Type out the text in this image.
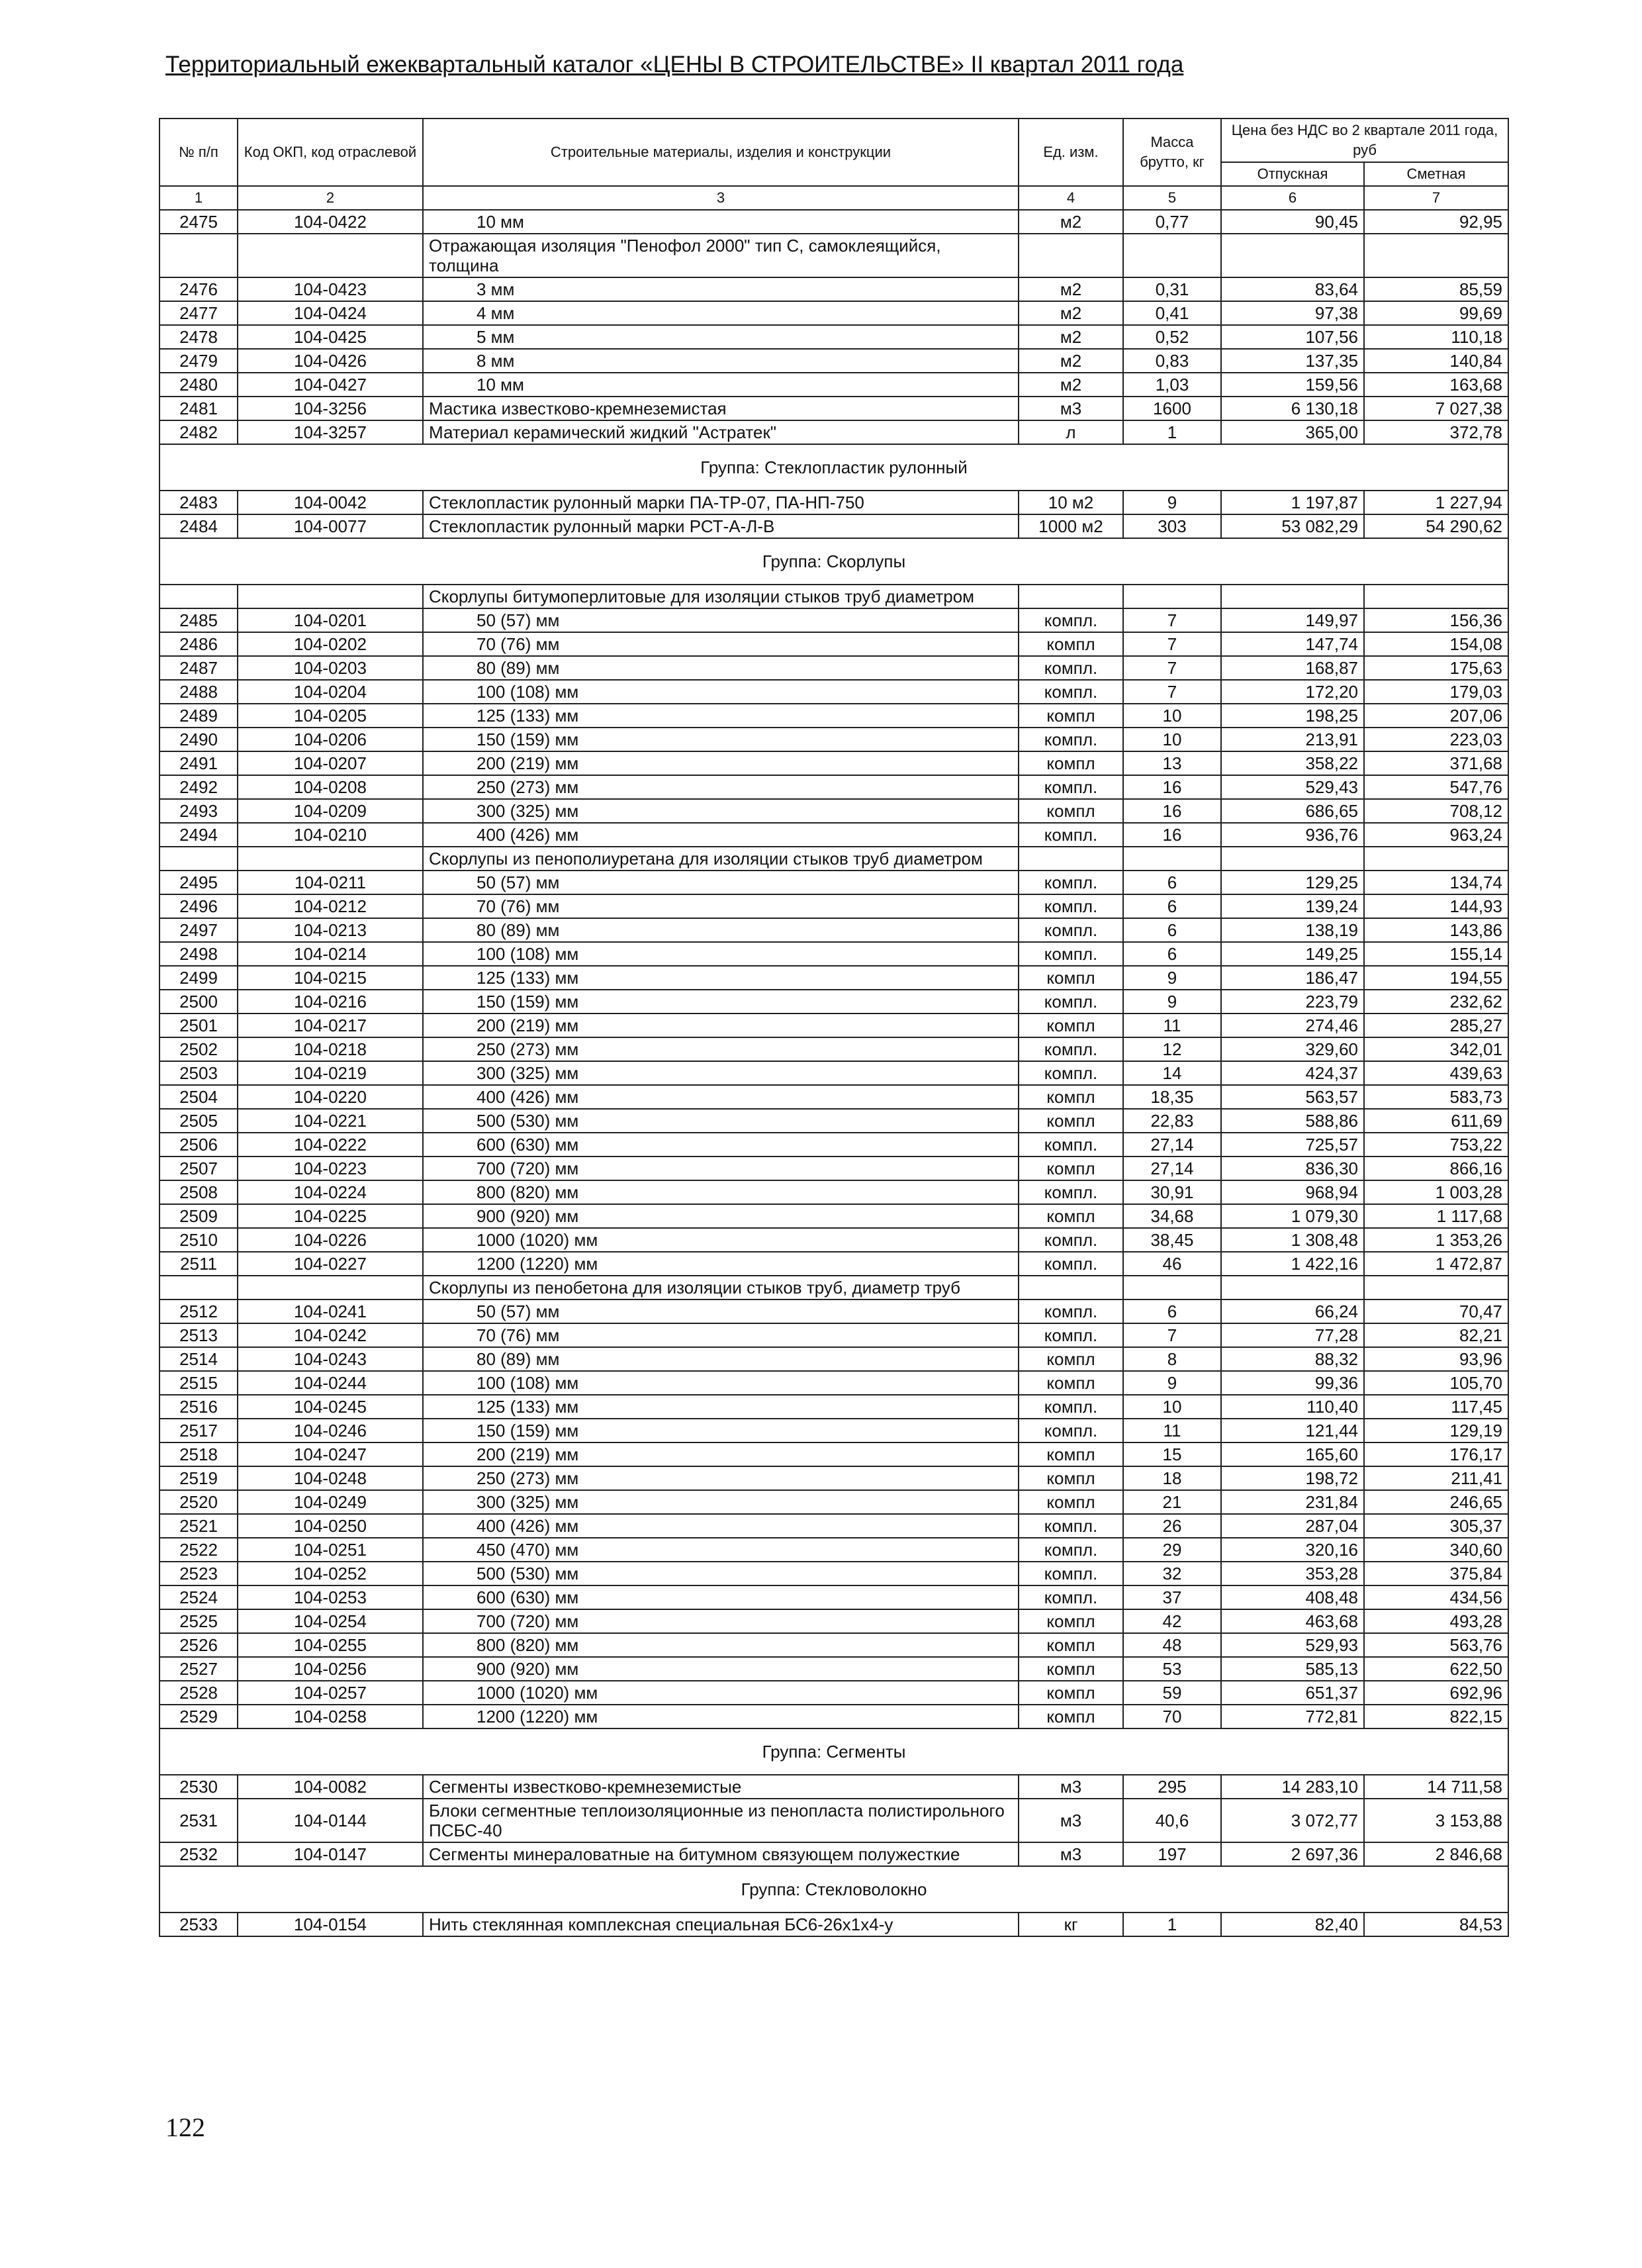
Территориальный ежеквартальный каталог «ЦЕНЫ В СТРОИТЕЛЬСТВЕ» II квартал 2011 года
№ п/п	Код ОКП, код отраслевой	Строительные материалы, изделия и конструкции	Ед. изм.	Масса брутто, кг	Цена без НДС во 2 квартале 2011 года, руб	
					Отпускная	Сметная
1	2	3	4	5	6	7
2475	104-0422	10 мм	м2	0,77	90,45	92,95
		Отражающая изоляция "Пенофол 2000" тип С, самоклеящийся, толщина				
2476	104-0423	3 мм	м2	0,31	83,64	85,59
2477	104-0424	4 мм	м2	0,41	97,38	99,69
2478	104-0425	5 мм	м2	0,52	107,56	110,18
2479	104-0426	8 мм	м2	0,83	137,35	140,84
2480	104-0427	10 мм	м2	1,03	159,56	163,68
2481	104-3256	Мастика известково-кремнеземистая	м3	1600	6 130,18	7 027,38
2482	104-3257	Материал керамический жидкий "Астратек"	л	1	365,00	372,78
Группа: Стеклопластик рулонный						
2483	104-0042	Стеклопластик рулонный марки ПА-ТР-07, ПА-НП-750	10 м2	9	1 197,87	1 227,94
2484	104-0077	Стеклопластик рулонный марки РСТ-А-Л-В	1000 м2	303	53 082,29	54 290,62
Группа: Скорлупы						
		Скорлупы битумоперлитовые для изоляции стыков труб диаметром				
2485	104-0201	50 (57) мм	компл.	7	149,97	156,36
2486	104-0202	70 (76) мм	компл	7	147,74	154,08
2487	104-0203	80 (89) мм	компл.	7	168,87	175,63
2488	104-0204	100 (108) мм	компл.	7	172,20	179,03
2489	104-0205	125 (133) мм	компл	10	198,25	207,06
2490	104-0206	150 (159) мм	компл.	10	213,91	223,03
2491	104-0207	200 (219) мм	компл	13	358,22	371,68
2492	104-0208	250 (273) мм	компл.	16	529,43	547,76
2493	104-0209	300 (325) мм	компл	16	686,65	708,12
2494	104-0210	400 (426) мм	компл.	16	936,76	963,24
		Скорлупы из пенополиуретана для изоляции стыков труб диаметром				
2495	104-0211	50 (57) мм	компл.	6	129,25	134,74
2496	104-0212	70 (76) мм	компл.	6	139,24	144,93
2497	104-0213	80 (89) мм	компл.	6	138,19	143,86
2498	104-0214	100 (108) мм	компл.	6	149,25	155,14
2499	104-0215	125 (133) мм	компл	9	186,47	194,55
2500	104-0216	150 (159) мм	компл.	9	223,79	232,62
2501	104-0217	200 (219) мм	компл	11	274,46	285,27
2502	104-0218	250 (273) мм	компл.	12	329,60	342,01
2503	104-0219	300 (325) мм	компл.	14	424,37	439,63
2504	104-0220	400 (426) мм	компл	18,35	563,57	583,73
2505	104-0221	500 (530) мм	компл	22,83	588,86	611,69
2506	104-0222	600 (630) мм	компл.	27,14	725,57	753,22
2507	104-0223	700 (720) мм	компл	27,14	836,30	866,16
2508	104-0224	800 (820) мм	компл.	30,91	968,94	1 003,28
2509	104-0225	900 (920) мм	компл	34,68	1 079,30	1 117,68
2510	104-0226	1000 (1020) мм	компл.	38,45	1 308,48	1 353,26
2511	104-0227	1200 (1220) мм	компл.	46	1 422,16	1 472,87
		Скорлупы из пенобетона для изоляции стыков труб, диаметр труб				
2512	104-0241	50 (57) мм	компл.	6	66,24	70,47
2513	104-0242	70 (76) мм	компл.	7	77,28	82,21
2514	104-0243	80 (89) мм	компл	8	88,32	93,96
2515	104-0244	100 (108) мм	компл	9	99,36	105,70
2516	104-0245	125 (133) мм	компл.	10	110,40	117,45
2517	104-0246	150 (159) мм	компл.	11	121,44	129,19
2518	104-0247	200 (219) мм	компл	15	165,60	176,17
2519	104-0248	250 (273) мм	компл	18	198,72	211,41
2520	104-0249	300 (325) мм	компл	21	231,84	246,65
2521	104-0250	400 (426) мм	компл.	26	287,04	305,37
2522	104-0251	450 (470) мм	компл.	29	320,16	340,60
2523	104-0252	500 (530) мм	компл.	32	353,28	375,84
2524	104-0253	600 (630) мм	компл.	37	408,48	434,56
2525	104-0254	700 (720) мм	компл	42	463,68	493,28
2526	104-0255	800 (820) мм	компл	48	529,93	563,76
2527	104-0256	900 (920) мм	компл	53	585,13	622,50
2528	104-0257	1000 (1020) мм	компл	59	651,37	692,96
2529	104-0258	1200 (1220) мм	компл	70	772,81	822,15
Группа: Сегменты						
2530	104-0082	Сегменты известково-кремнеземистые	м3	295	14 283,10	14 711,58
2531	104-0144	Блоки сегментные теплоизоляционные из пенопласта полистирольного ПСБС-40	м3	40,6	3 072,77	3 153,88
2532	104-0147	Сегменты минераловатные на битумном связующем полужесткие	м3	197	2 697,36	2 846,68
Группа: Стекловолокно						
2533	104-0154	Нить стеклянная комплексная специальная БС6-26х1х4-у	кг	1	82,40	84,53
122
